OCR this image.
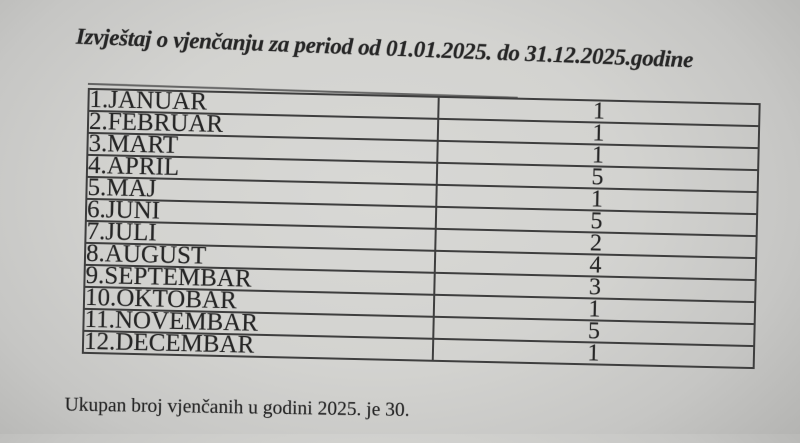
Izvještaj o vjenčanju za period od 01.01.2025. do 31.12.2025.godine
1.JANUAR	1
2.FEBRUAR	1
3.MART	1
4.APRIL	5
5.MAJ	1
6.JUNI	5
7.JULI	2
8.AUGUST	4
9.SEPTEMBAR	3
10.OKTOBAR	1
11.NOVEMBAR	5
12.DECEMBAR	1
Ukupan broj vjenčanih u godini 2025. je 30.
